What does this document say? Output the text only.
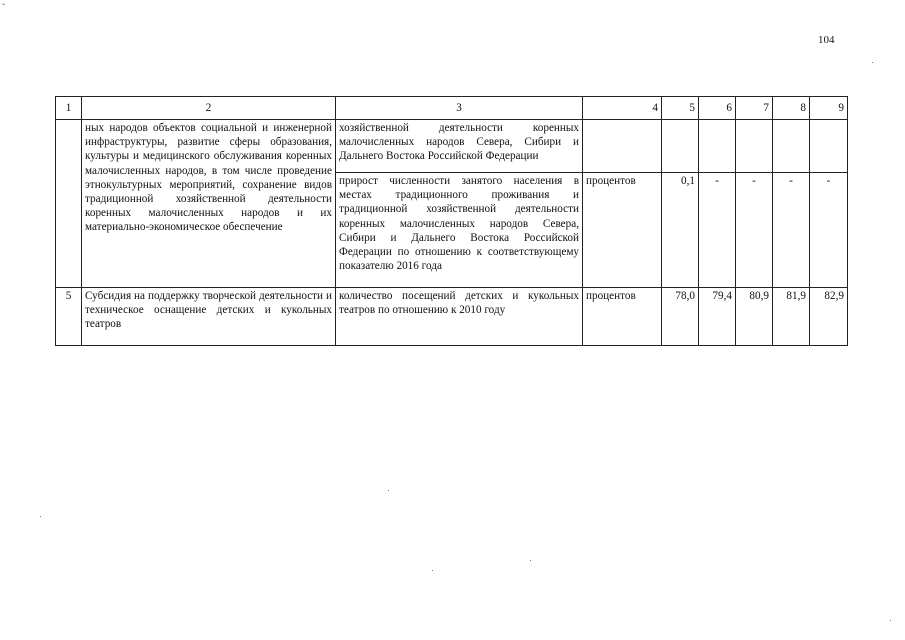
ˇ
104
1	2	3	4	5	6	7	8	9
	ных народов объектов социальной и инженерной инфраструктуры, развитие сферы образования, культуры и медицинского обслуживания коренных малочисленных народов, в том числе проведение этнокультурных мероприятий, сохранение видов традиционной хозяйственной деятельности коренных малочисленных народов и их материально-экономическое обеспечение	хозяйственной деятельности коренных малочисленных народов Севера, Сибири и Дальнего Востока Российской Федерации						
		прирост численности занятого населения в местах традиционного проживания и традиционной хозяйственной деятельности коренных малочисленных народов Севера, Сибири и Дальнего Востока Российской Федерации по отношению к соответствующему показателю 2016 года	процентов	0,1	-	-	-	-
5	Субсидия на поддержку творческой деятельности и техническое оснащение детских и кукольных театров	количество посещений детских и кукольных театров по отношению к 2010 году	процентов	78,0	79,4	80,9	81,9	82,9
